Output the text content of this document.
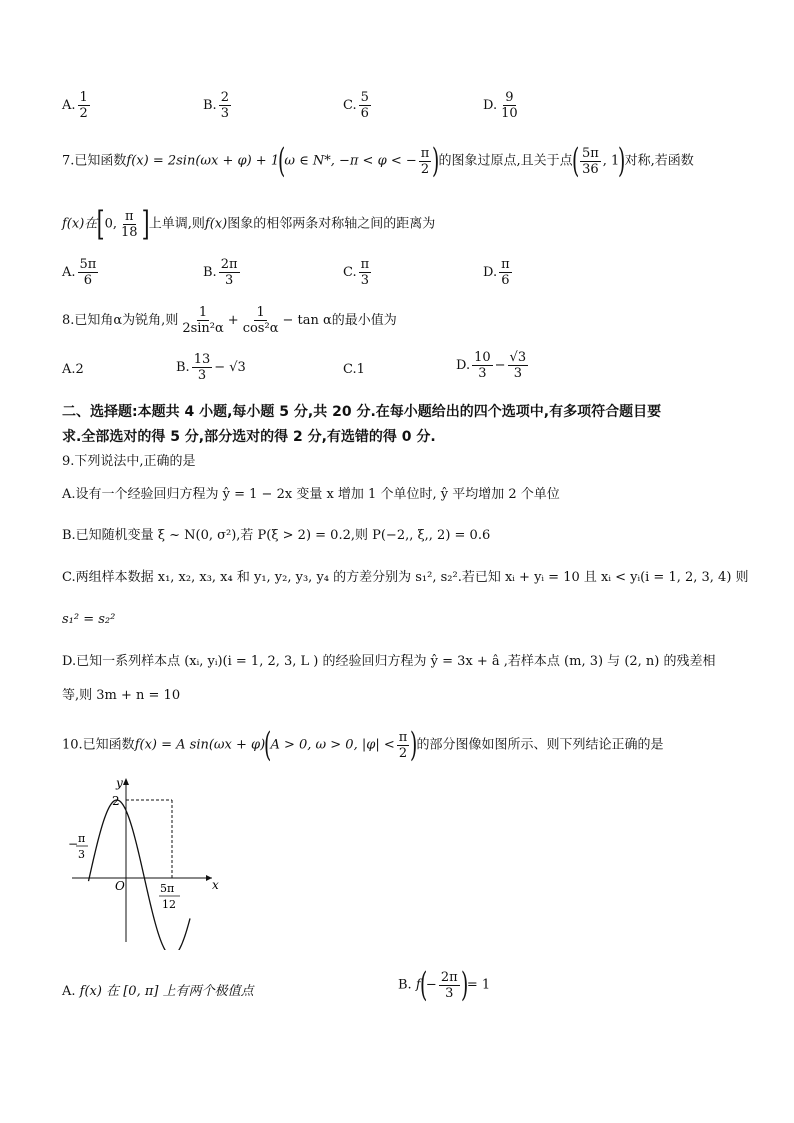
A. $\frac{1}{2}$	B. $\frac{2}{3}$	C. $\frac{5}{6}$	D. $\frac{9}{10}$
7.已知函数f(x) = 2sin(ωx + φ) + 1(ω ∈ N*, −π < φ < − $\frac{\pi}{2}$ )的图象过原点,且关于点( $\frac{5\pi}{36}$ , 1)对称,若函数
f(x)在[0, $\frac{\pi}{18}$ ]上单调,则f(x)图象的相邻两条对称轴之间的距离为
A. $\frac{5\pi}{6}$	B. $\frac{2\pi}{3}$	C. $\frac{\pi}{3}$	D. $\frac{\pi}{6}$
8.已知角α为锐角,则 $\frac{1}{\text{2sin²α}} + \frac{1}{\text{cos²α}} - \tan \alpha$的最小值为
A.2	B. $\frac{13}{3} - √3$	C.1	D. $\frac{10}{3} - \frac{√3}{3}$
二、选择题:本题共 4 小题,每小题 5 分,共 20 分.在每小题给出的四个选项中,有多项符合题目要
求.全部选对的得 5 分,部分选对的得 2 分,有选错的得 0 分.
9.下列说法中,正确的是
A.设有一个经验回归方程为 ŷ = 1 − 2x 变量 x 增加 1 个单位时, ŷ 平均增加 2 个单位
B.已知随机变量 ξ ~ N(0, σ²),若 P(ξ > 2) = 0.2,则 P(−2,, ξ,, 2) = 0.6
C.两组样本数据 x₁, x₂, x₃, x₄ 和 y₁, y₂, y₃, y₄ 的方差分别为 s₁², s₂².若已知 xᵢ + yᵢ = 10 且 xᵢ < yᵢ(i = 1, 2, 3, 4) 则
s₁² = s₂²
D.已知一系列样本点 (xᵢ, yᵢ)(i = 1, 2, 3, L ) 的经验回归方程为 ŷ = 3x + â ,若样本点 (m, 3) 与 (2, n) 的残差相
等,则 3m + n = 10
10.已知函数f(x) = A sin(ωx + φ)(A > 0, ω > 0, $|\varphi| < \frac{\pi}{2}$ )的部分图像如图所示、则下列结论正确的是
y
x
O
2
− π
3
5π
12
A. f(x) 在 [0, π] 上有两个极值点	B. $f(- \frac{2\pi}{3}$ )= 1
